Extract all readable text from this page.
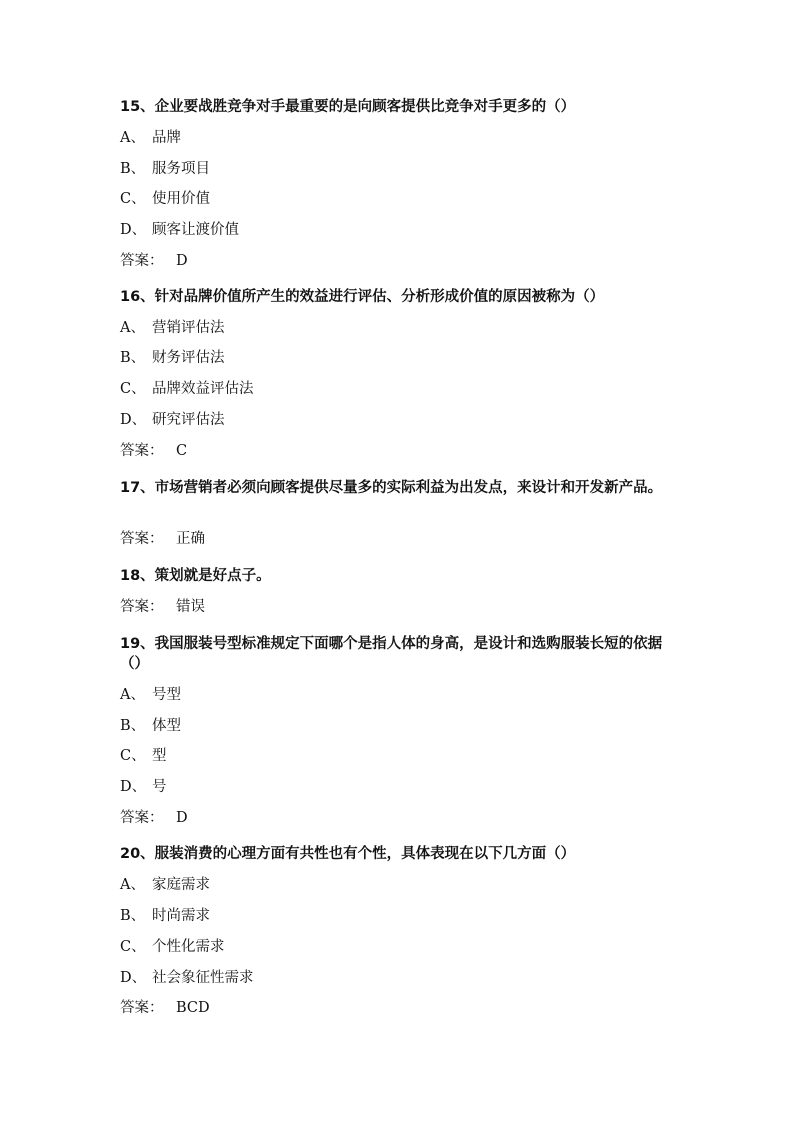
15、企业要战胜竞争对手最重要的是向顾客提供比竞争对手更多的（）
A、 品牌
B、 服务项目
C、 使用价值
D、 顾客让渡价值
答案： D
16、针对品牌价值所产生的效益进行评估、分析形成价值的原因被称为（）
A、 营销评估法
B、 财务评估法
C、 品牌效益评估法
D、 研究评估法
答案： C
17、市场营销者必须向顾客提供尽量多的实际利益为出发点，来设计和开发新产品。
答案： 正确
18、策划就是好点子。
答案： 错误
19、我国服装号型标准规定下面哪个是指人体的身高，是设计和选购服装长短的依据（）
A、 号型
B、 体型
C、 型
D、 号
答案： D
20、服装消费的心理方面有共性也有个性，具体表现在以下几方面（）
A、 家庭需求
B、 时尚需求
C、 个性化需求
D、 社会象征性需求
答案： BCD
